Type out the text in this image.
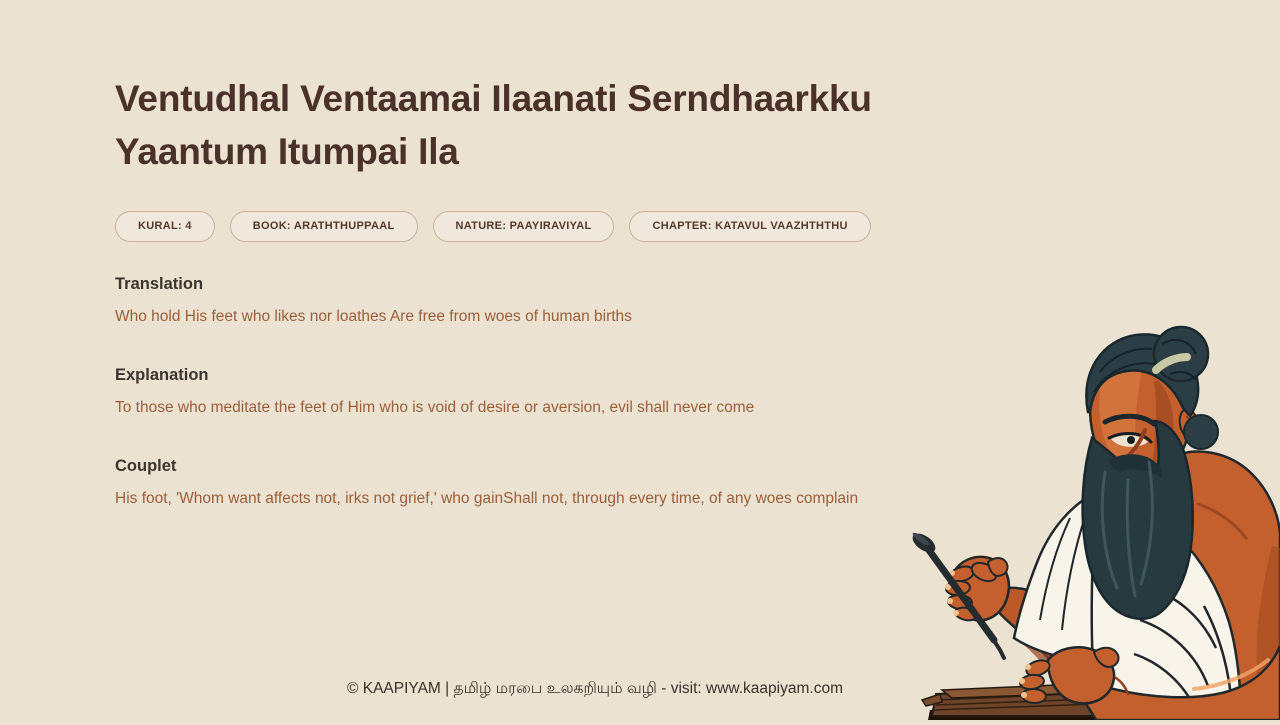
Ventudhal Ventaamai Ilaanati Serndhaarkku
Yaantum Itumpai Ila
KURAL: 4	BOOK: ARATHTHUPPAAL	NATURE: PAAYIRAVIYAL	CHAPTER: KATAVUL VAAZHTHTHU
Translation

Who hold His feet who likes nor loathes Are free from woes of human births

Explanation

To those who meditate the feet of Him who is void of desire or aversion, evil shall never come

Couplet

His foot, 'Whom want affects not, irks not grief,' who gainShall not, through every time, of any woes complain

© KAAPIYAM | தமிழ் மரபை உலகறியும் வழி - visit: www.kaapiyam.com
